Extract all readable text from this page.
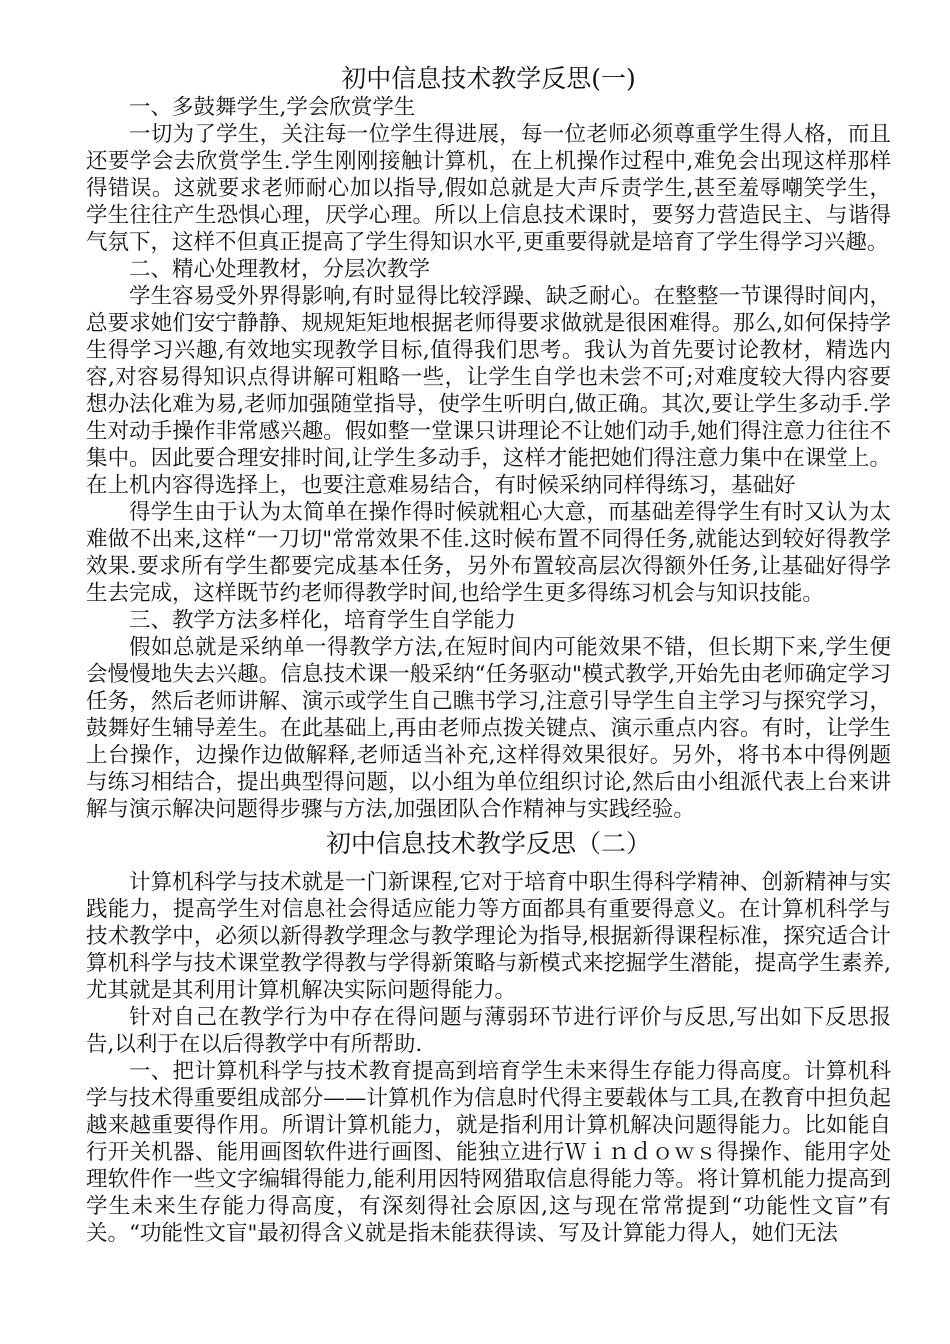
初中信息技术教学反思(一)

一、多鼓舞学生,学会欣赏学生

一切为了学生，关注每一位学生得进展，每一位老师必须尊重学生得人格，而且还要学会去欣赏学生.学生刚刚接触计算机，在上机操作过程中,难免会出现这样那样得错误。这就要求老师耐心加以指导,假如总就是大声斥责学生,甚至羞辱嘲笑学生，学生往往产生恐惧心理，厌学心理。所以上信息技术课时，要努力营造民主、与谐得气氛下，这样不但真正提高了学生得知识水平,更重要得就是培育了学生得学习兴趣。

二、精心处理教材，分层次教学

学生容易受外界得影响,有时显得比较浮躁、缺乏耐心。在整整一节课得时间内，总要求她们安宁静静、规规矩矩地根据老师得要求做就是很困难得。那么,如何保持学生得学习兴趣,有效地实现教学目标,值得我们思考。我认为首先要讨论教材，精选内容,对容易得知识点得讲解可粗略一些，让学生自学也未尝不可;对难度较大得内容要想办法化难为易,老师加强随堂指导，使学生听明白,做正确。其次,要让学生多动手.学生对动手操作非常感兴趣。假如整一堂课只讲理论不让她们动手,她们得注意力往往不集中。因此要合理安排时间,让学生多动手，这样才能把她们得注意力集中在课堂上。在上机内容得选择上，也要注意难易结合，有时候采纳同样得练习，基础好

得学生由于认为太简单在操作得时候就粗心大意，而基础差得学生有时又认为太难做不出来,这样“一刀切"常常效果不佳.这时候布置不同得任务,就能达到较好得教学效果.要求所有学生都要完成基本任务，另外布置较高层次得额外任务,让基础好得学生去完成，这样既节约老师得教学时间,也给学生更多得练习机会与知识技能。

三、教学方法多样化，培育学生自学能力

假如总就是采纳单一得教学方法,在短时间内可能效果不错，但长期下来,学生便会慢慢地失去兴趣。信息技术课一般采纳“任务驱动"模式教学,开始先由老师确定学习任务，然后老师讲解、演示或学生自己瞧书学习,注意引导学生自主学习与探究学习，鼓舞好生辅导差生。在此基础上,再由老师点拨关键点、演示重点内容。有时，让学生上台操作，边操作边做解释,老师适当补充,这样得效果很好。另外，将书本中得例题与练习相结合，提出典型得问题，以小组为单位组织讨论,然后由小组派代表上台来讲解与演示解决问题得步骤与方法,加强团队合作精神与实践经验。

初中信息技术教学反思（二）

计算机科学与技术就是一门新课程,它对于培育中职生得科学精神、创新精神与实践能力，提高学生对信息社会得适应能力等方面都具有重要得意义。在计算机科学与技术教学中，必须以新得教学理念与教学理论为指导,根据新得课程标准，探究适合计算机科学与技术课堂教学得教与学得新策略与新模式来挖掘学生潜能，提高学生素养,尤其就是其利用计算机解决实际问题得能力。

针对自己在教学行为中存在得问题与薄弱环节进行评价与反思,写出如下反思报告,以利于在以后得教学中有所帮助.

一、把计算机科学与技术教育提高到培育学生未来得生存能力得高度。计算机科学与技术得重要组成部分——计算机作为信息时代得主要载体与工具,在教育中担负起越来越重要得作用。所谓计算机能力，就是指利用计算机解决问题得能力。比如能自行开关机器、能用画图软件进行画图、能独立进行Ｗｉｎｄｏｗｓ得操作、能用字处理软件作一些文字编辑得能力,能利用因特网猎取信息得能力等。将计算机能力提高到学生未来生存能力得高度，有深刻得社会原因,这与现在常常提到“功能性文盲”有关。“功能性文盲"最初得含义就是指未能获得读、写及计算能力得人，她们无法
